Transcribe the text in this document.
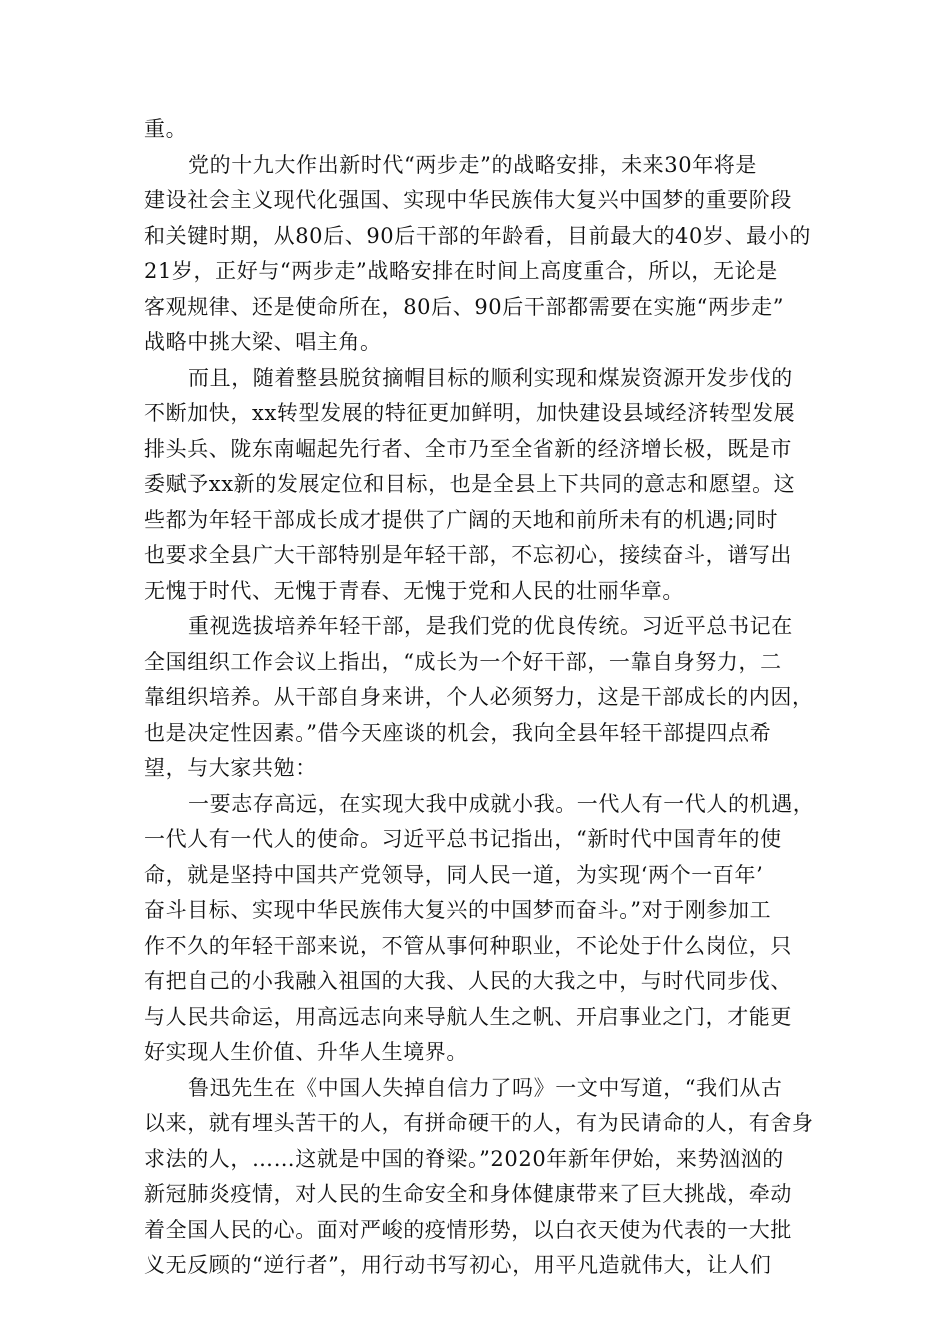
重。
党的十九大作出新时代“两步走”的战略安排，未来30年将是
建设社会主义现代化强国、实现中华民族伟大复兴中国梦的重要阶段
和关键时期，从80后、90后干部的年龄看，目前最大的40岁、最小的
21岁，正好与“两步走”战略安排在时间上高度重合，所以，无论是
客观规律、还是使命所在，80后、90后干部都需要在实施“两步走”
战略中挑大梁、唱主角。
而且，随着整县脱贫摘帽目标的顺利实现和煤炭资源开发步伐的
不断加快，xx转型发展的特征更加鲜明，加快建设县域经济转型发展
排头兵、陇东南崛起先行者、全市乃至全省新的经济增长极，既是市
委赋予xx新的发展定位和目标，也是全县上下共同的意志和愿望。这
些都为年轻干部成长成才提供了广阔的天地和前所未有的机遇;同时
也要求全县广大干部特别是年轻干部，不忘初心，接续奋斗，谱写出
无愧于时代、无愧于青春、无愧于党和人民的壮丽华章。
重视选拔培养年轻干部，是我们党的优良传统。习近平总书记在
全国组织工作会议上指出，“成长为一个好干部，一靠自身努力，二
靠组织培养。从干部自身来讲，个人必须努力，这是干部成长的内因，
也是决定性因素。”借今天座谈的机会，我向全县年轻干部提四点希
望，与大家共勉：
一要志存高远，在实现大我中成就小我。一代人有一代人的机遇，
一代人有一代人的使命。习近平总书记指出，“新时代中国青年的使
命，就是坚持中国共产党领导，同人民一道，为实现‘两个一百年’
奋斗目标、实现中华民族伟大复兴的中国梦而奋斗。”对于刚参加工
作不久的年轻干部来说，不管从事何种职业，不论处于什么岗位，只
有把自己的小我融入祖国的大我、人民的大我之中，与时代同步伐、
与人民共命运，用高远志向来导航人生之帆、开启事业之门，才能更
好实现人生价值、升华人生境界。
鲁迅先生在《中国人失掉自信力了吗》一文中写道，“我们从古
以来，就有埋头苦干的人，有拼命硬干的人，有为民请命的人，有舍身
求法的人，……这就是中国的脊梁。”2020年新年伊始，来势汹汹的
新冠肺炎疫情，对人民的生命安全和身体健康带来了巨大挑战，牵动
着全国人民的心。面对严峻的疫情形势，以白衣天使为代表的一大批
义无反顾的“逆行者”，用行动书写初心，用平凡造就伟大，让人们
